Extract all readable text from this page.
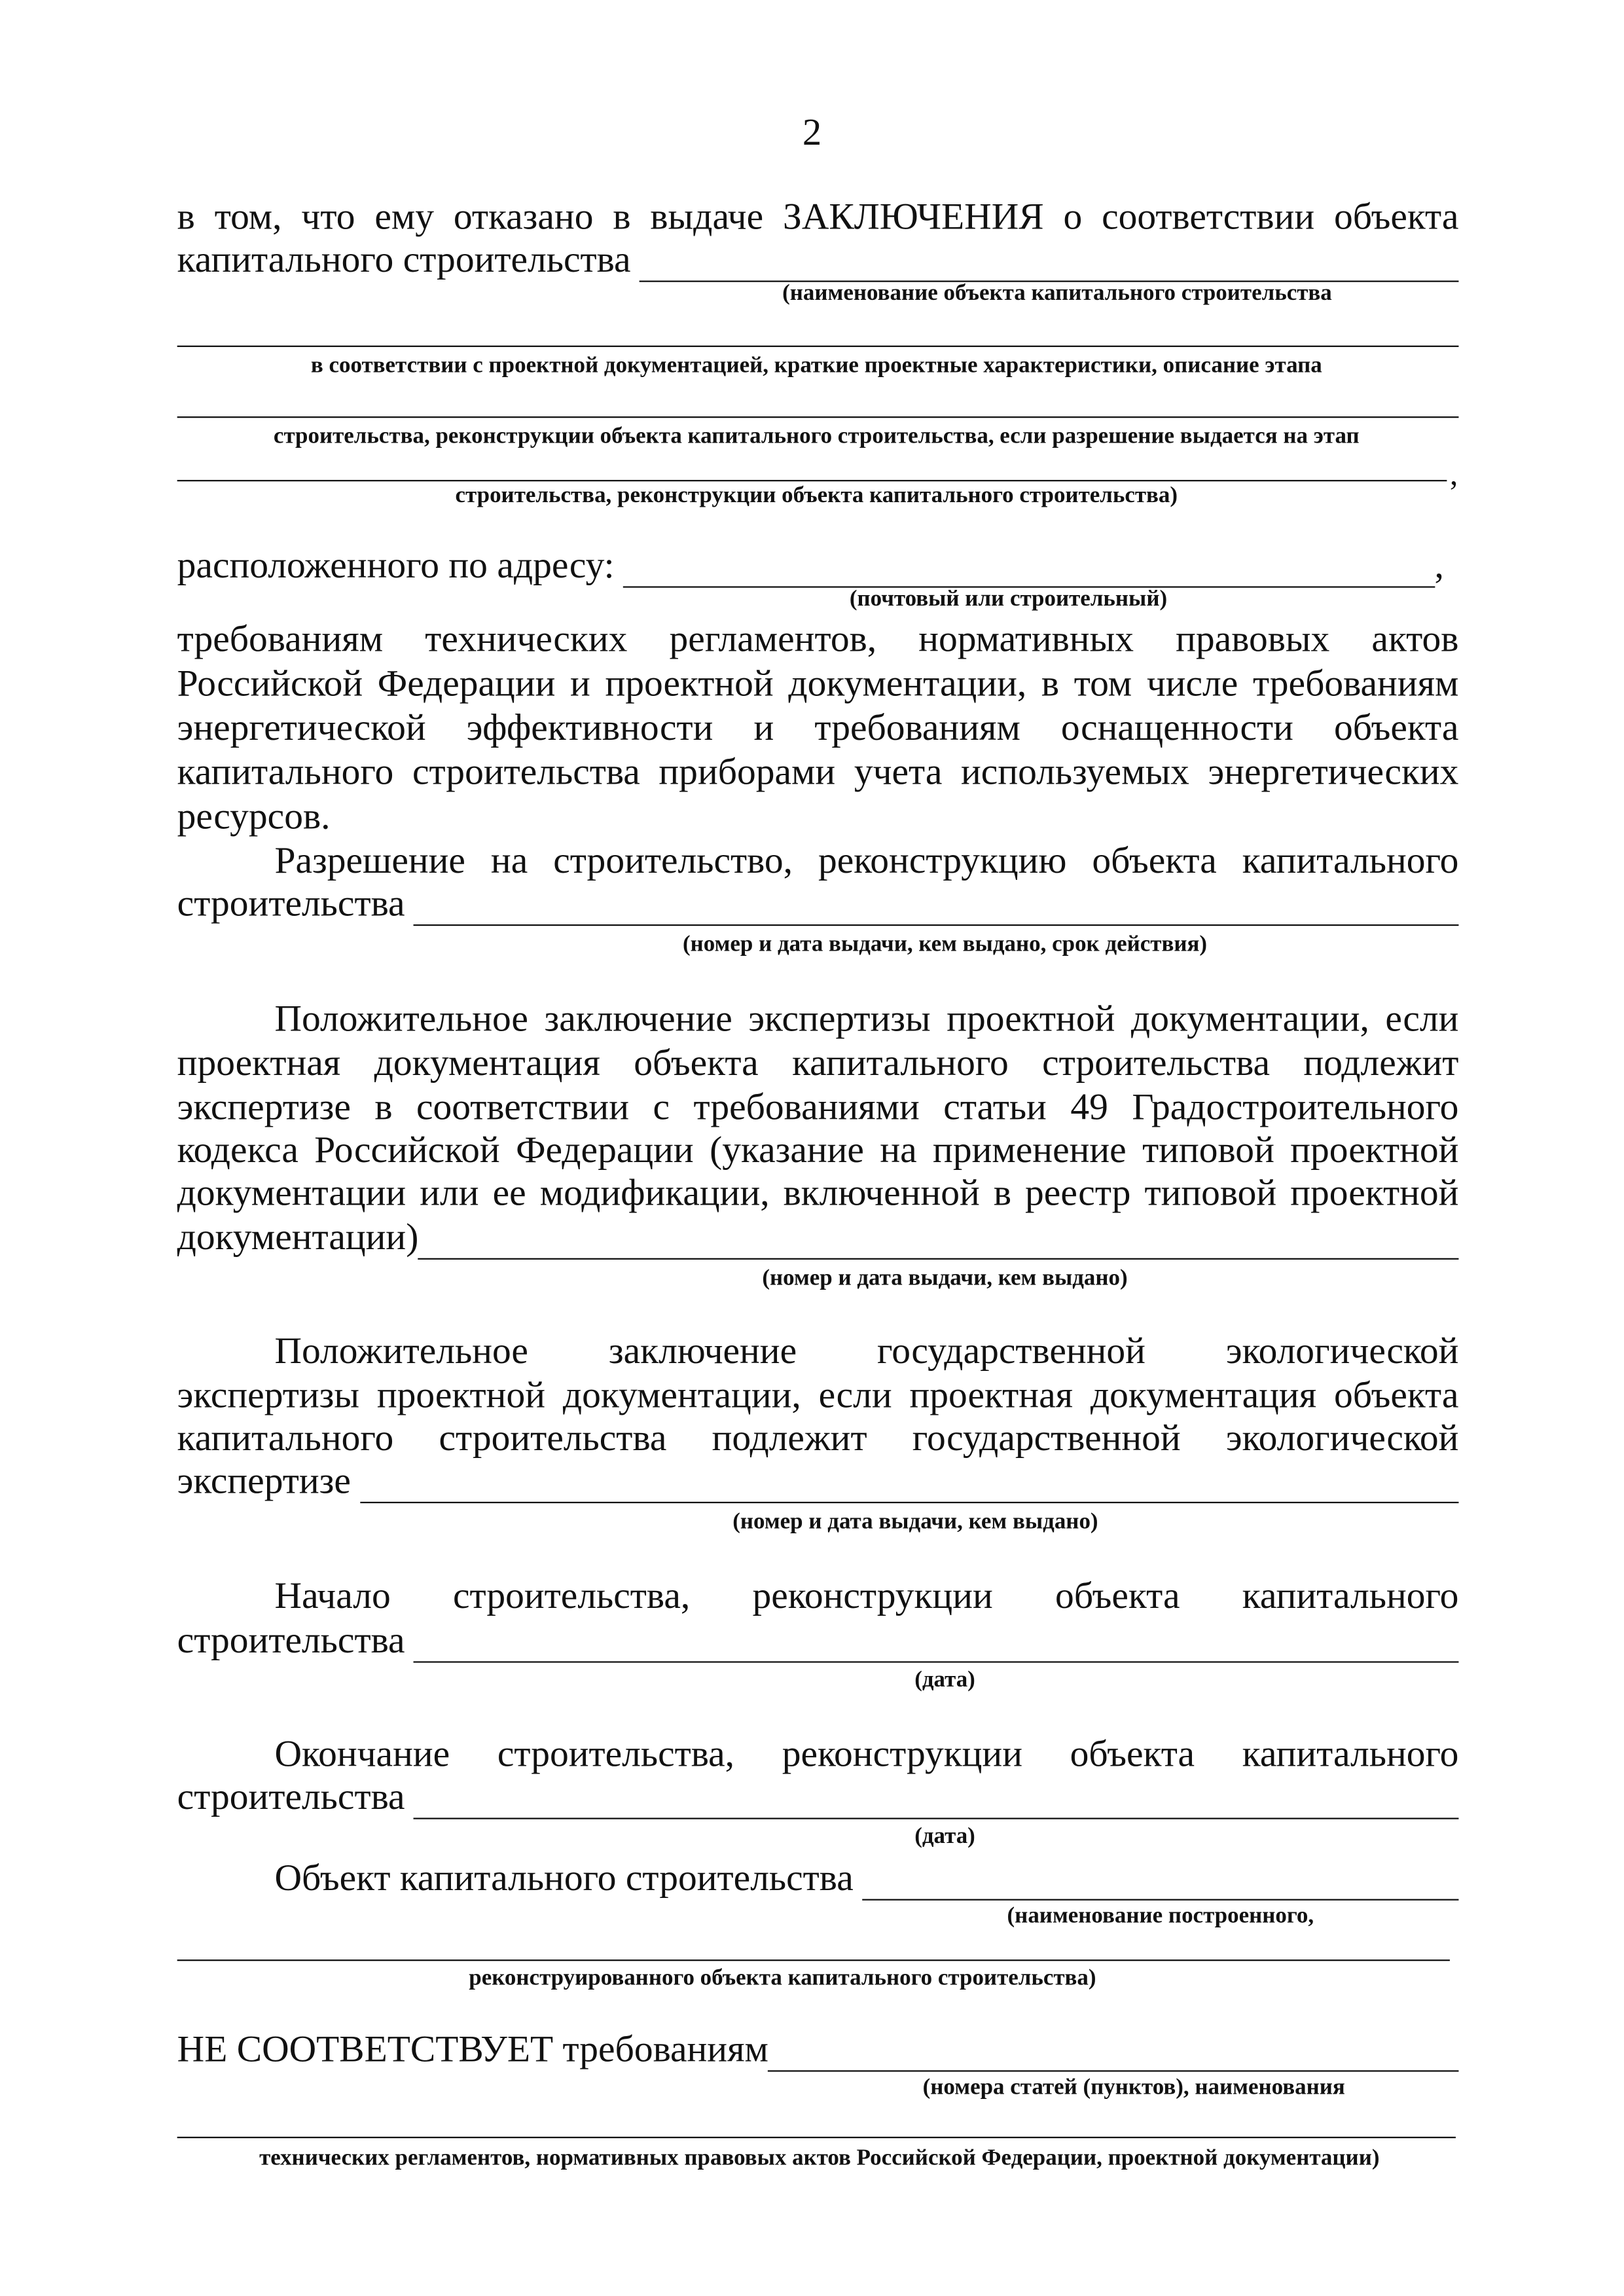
2
в том, что ему отказано в выдаче ЗАКЛЮЧЕНИЯ о соответствии объекта
капитального строительства
(наименование объекта капитального строительства
в соответствии с проектной документацией, краткие проектные характеристики, описание этапа
строительства, реконструкции объекта капитального строительства, если разрешение выдается на этап
,
строительства, реконструкции объекта капитального строительства)
расположенного по адресу:	,
(почтовый или строительный)
требованиям технических регламентов, нормативных правовых актов
Российской Федерации и проектной документации, в том числе требованиям
энергетической эффективности и требованиям оснащенности объекта
капитального строительства приборами учета используемых энергетических
ресурсов.
Разрешение на строительство, реконструкцию объекта капитального
строительства
(номер и дата выдачи, кем выдано, срок действия)
Положительное заключение экспертизы проектной документации, если
проектная документация объекта капитального строительства подлежит
экспертизе в соответствии с требованиями статьи 49 Градостроительного
кодекса Российской Федерации (указание на применение типовой проектной
документации или ее модификации, включенной в реестр типовой проектной
документации)
(номер и дата выдачи, кем выдано)
Положительное заключение государственной экологической
экспертизы проектной документации, если проектная документация объекта
капитального строительства подлежит государственной экологической
экспертизе
(номер и дата выдачи, кем выдано)
Начало строительства, реконструкции объекта капитального
строительства
(дата)
Окончание строительства, реконструкции объекта капитального
строительства
(дата)
Объект капитального строительства
(наименование построенного,
реконструированного объекта капитального строительства)
НЕ СООТВЕТСТВУЕТ требованиям
(номера статей (пунктов), наименования
технических регламентов, нормативных правовых актов Российской Федерации, проектной документации)
